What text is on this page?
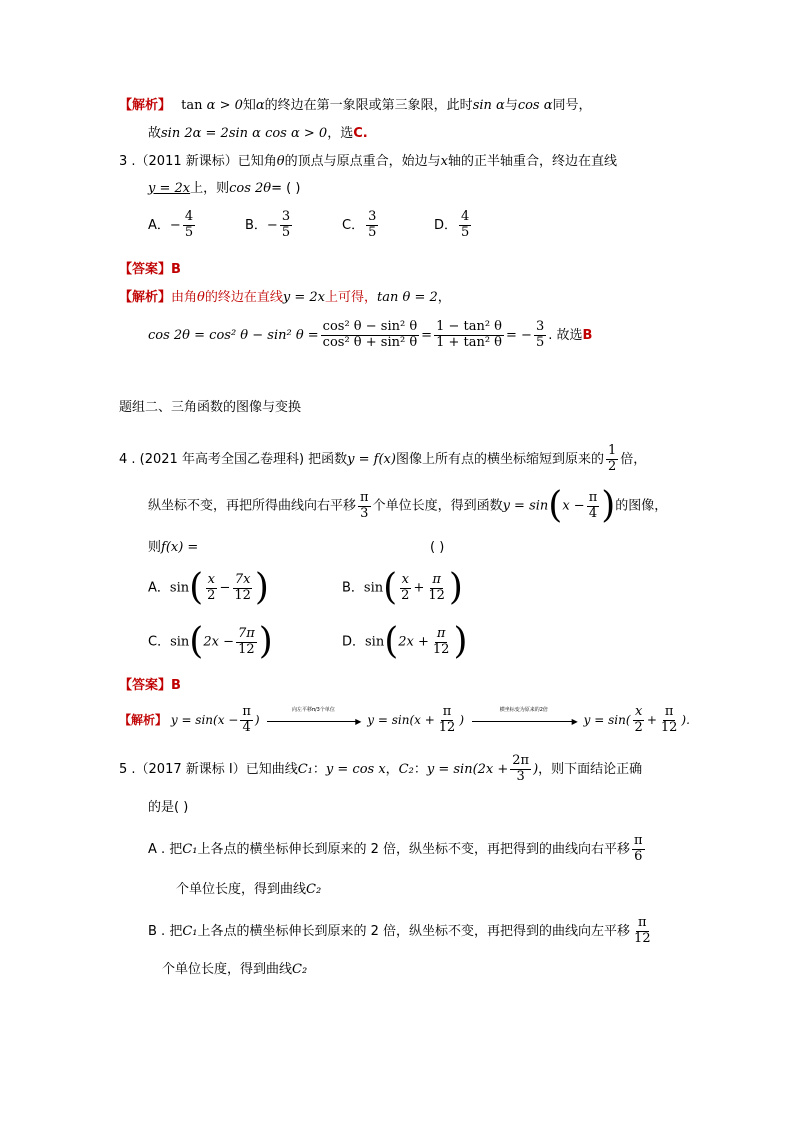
【解析】 tan α > 0知α的终边在第一象限或第三象限，此时sin α与cos α同号，
故sin 2α = 2sin α cos α > 0，选C.
3 .（2011 新课标）已知角θ的顶点与原点重合，始边与x轴的正半轴重合，终边在直线
y = 2x上，则cos 2θ= ( )
A．− $\frac{4}{5}$	B．− $\frac{3}{5}$	C． $\frac{3}{5}$	D． $\frac{4}{5}$
【答案】B
【解析】由角θ的终边在直线y = 2x上可得，tan θ = 2，
cos 2θ = cos² θ − sin² $\theta = \frac{\text{cos² θ − sin² θ}}{\text{cos² θ + sin² θ}} = \frac{\text{1 − tan² θ}}{\text{1 + tan² θ}}$ = − $\frac{3}{5}$ . 故选B
题组二、三角函数的图像与变换
4 . (2021 年高考全国乙卷理科) 把函数y = f(x)图像上所有点的横坐标缩短到原来的 $\frac{1}{2}$ 倍，
纵坐标不变，再把所得曲线向右平移 $\frac{\pi}{3}$ 个单位长度，得到函数$y = \sin(x - \frac{\pi}{4}$ )的图像，
则f(x) =	( )
A．$\sin( \frac{x}{2} - \frac{7x}{12}$ )	B．$\sin( \frac{x}{2} + \frac{\pi}{12}$ )
C．$\sin(2x - \frac{7\pi}{12}$ )	D．$\sin(2x + \frac{\pi}{12}$ )
【答案】B
【解析】 $y = \sin(x - \frac{\pi}{4}$ )
向左平移π/3个单位
▶ $y = \sin(x + \frac{\pi}{12}$ )
横坐标变为原来的2倍
▶ $y = \sin( \frac{x}{2} + \frac{\pi}{12}$ ).
5 .（2017 新课标 Ⅰ）已知曲线C₁：y = cos x，C₂：$y = \sin(2x + \frac{2\pi}{3}$ )，则下面结论正确
的是( )
A . 把C₁上各点的横坐标伸长到原来的 2 倍，纵坐标不变，再把得到的曲线向右平移 $\frac{\pi}{6}$
个单位长度，得到曲线C₂
B . 把C₁上各点的横坐标伸长到原来的 2 倍，纵坐标不变，再把得到的曲线向左平移 $\frac{\pi}{12}$
个单位长度，得到曲线C₂
